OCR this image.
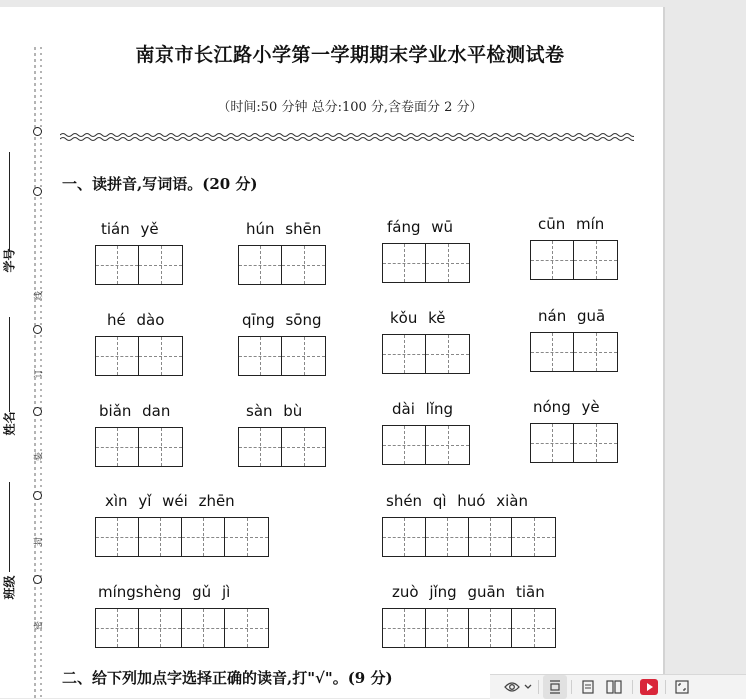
南京市长江路小学第一学期期末学业水平检测试卷
（时间:50 分钟 总分:100 分,含卷面分 2 分）
学号
姓名
班级
线
订
装
封
密
一、读拼音,写词语。(20 分)
tián yě	hún shēn	fáng wū	cūn mín
hé dào	qīng sōng	kǒu kě	nán guā
biǎn dan	sàn bù	dài lǐng	nóng yè
xìn yǐ wéi zhēn	shén qì huó xiàn
míngshèng gǔ jì	zuò jǐng guān tiān
二、给下列加点字选择正确的读音,打"√"。(9 分)
